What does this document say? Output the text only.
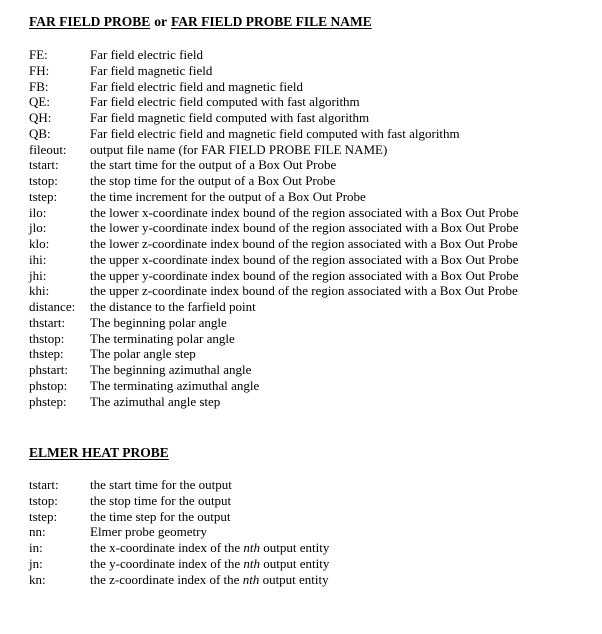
FAR FIELD PROBE or FAR FIELD PROBE FILE NAME
FE:	Far field electric field
FH:	Far field magnetic field
FB:	Far field electric field and magnetic field
QE:	Far field electric field computed with fast algorithm
QH:	Far field magnetic field computed with fast algorithm
QB:	Far field electric field and magnetic field computed with fast algorithm
fileout:	output file name (for FAR FIELD PROBE FILE NAME)
tstart:	the start time for the output of a Box Out Probe
tstop:	the stop time for the output of a Box Out Probe
tstep:	the time increment for the output of a Box Out Probe
ilo:	the lower x-coordinate index bound of the region associated with a Box Out Probe
jlo:	the lower y-coordinate index bound of the region associated with a Box Out Probe
klo:	the lower z-coordinate index bound of the region associated with a Box Out Probe
ihi:	the upper x-coordinate index bound of the region associated with a Box Out Probe
jhi:	the upper y-coordinate index bound of the region associated with a Box Out Probe
khi:	the upper z-coordinate index bound of the region associated with a Box Out Probe
distance:	the distance to the farfield point
thstart:	The beginning polar angle
thstop:	The terminating polar angle
thstep:	The polar angle step
phstart:	The beginning azimuthal angle
phstop:	The terminating azimuthal angle
phstep:	The azimuthal angle step
ELMER HEAT PROBE
tstart:	the start time for the output
tstop:	the stop time for the output
tstep:	the time step for the output
nn:	Elmer probe geometry
in:	the x-coordinate index of the nth output entity
jn:	the y-coordinate index of the nth output entity
kn:	the z-coordinate index of the nth output entity
